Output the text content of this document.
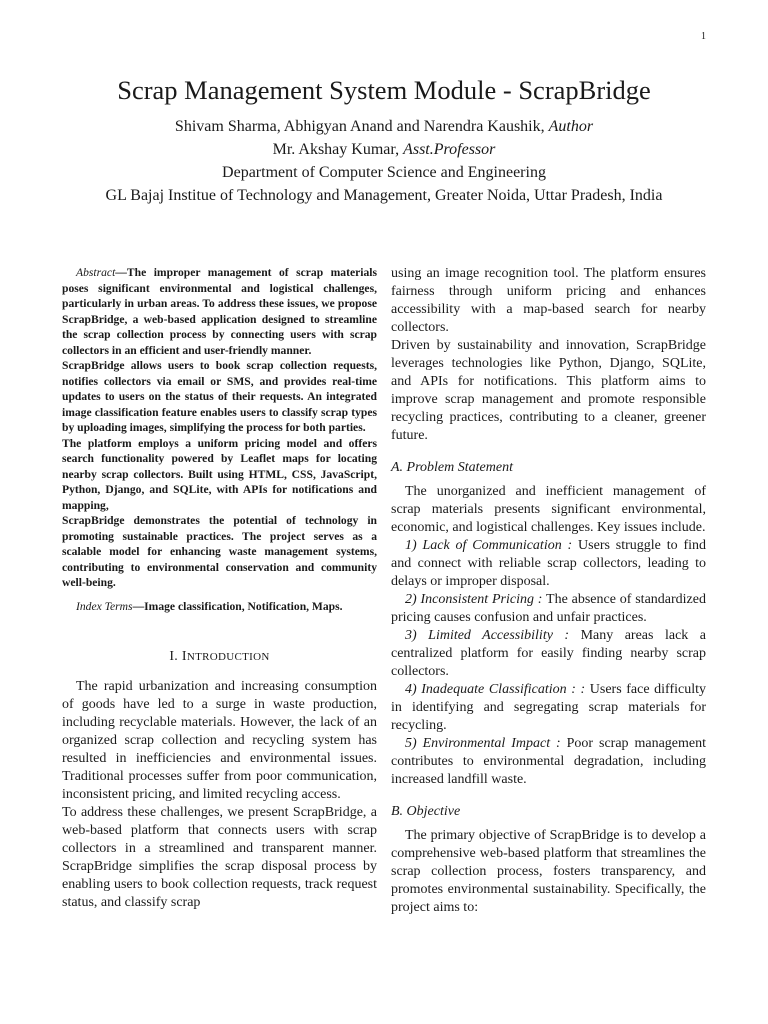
1
Scrap Management System Module - ScrapBridge
Shivam Sharma, Abhigyan Anand and Narendra Kaushik, Author
Mr. Akshay Kumar, Asst.Professor
Department of Computer Science and Engineering
GL Bajaj Institue of Technology and Management, Greater Noida, Uttar Pradesh, India

Abstract—The improper management of scrap materials poses significant environmental and logistical challenges, particularly in urban areas. To address these issues, we propose ScrapBridge, a web-based application designed to streamline the scrap collection process by connecting users with scrap collectors in an efficient and user-friendly manner.

ScrapBridge allows users to book scrap collection requests, notifies collectors via email or SMS, and provides real-time updates to users on the status of their requests. An integrated image classification feature enables users to classify scrap types by uploading images, simplifying the process for both parties.

The platform employs a uniform pricing model and offers search functionality powered by Leaflet maps for locating nearby scrap collectors. Built using HTML, CSS, JavaScript, Python, Django, and SQLite, with APIs for notifications and mapping,

ScrapBridge demonstrates the potential of technology in promoting sustainable practices. The project serves as a scalable model for enhancing waste management systems, contributing to environmental conservation and community well-being.

Index Terms—Image classification, Notification, Maps.

I. INTRODUCTION

The rapid urbanization and increasing consumption of goods have led to a surge in waste production, including recyclable materials. However, the lack of an organized scrap collection and recycling system has resulted in inefficiencies and environmental issues. Traditional processes suffer from poor communication, inconsistent pricing, and limited recycling access.

To address these challenges, we present ScrapBridge, a web-based platform that connects users with scrap collectors in a streamlined and transparent manner. ScrapBridge simplifies the scrap disposal process by enabling users to book collection requests, track request status, and classify scrap

using an image recognition tool. The platform ensures fairness through uniform pricing and enhances accessibility with a map-based search for nearby collectors.

Driven by sustainability and innovation, ScrapBridge leverages technologies like Python, Django, SQLite, and APIs for notifications. This platform aims to improve scrap management and promote responsible recycling practices, contributing to a cleaner, greener future.

A. Problem Statement

The unorganized and inefficient management of scrap materials presents significant environmental, economic, and logistical challenges. Key issues include.

1) Lack of Communication : Users struggle to find and connect with reliable scrap collectors, leading to delays or improper disposal.

2) Inconsistent Pricing : The absence of standardized pricing causes confusion and unfair practices.

3) Limited Accessibility : Many areas lack a centralized platform for easily finding nearby scrap collectors.

4) Inadequate Classification : : Users face difficulty in identifying and segregating scrap materials for recycling.

5) Environmental Impact : Poor scrap management contributes to environmental degradation, including increased landfill waste.

B. Objective

The primary objective of ScrapBridge is to develop a comprehensive web-based platform that streamlines the scrap collection process, fosters transparency, and promotes environmental sustainability. Specifically, the project aims to:
